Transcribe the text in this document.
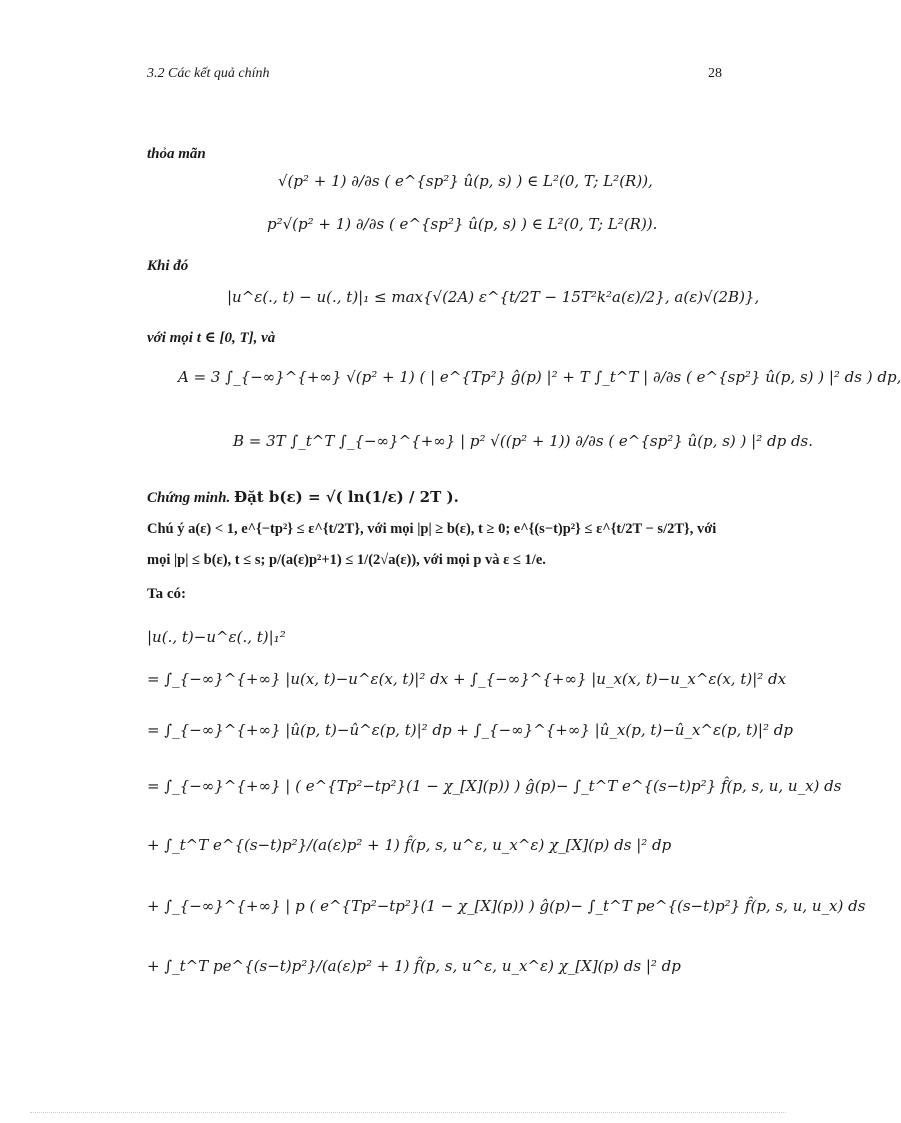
3.2 Các kết quả chính	28
thỏa mãn
√(p² + 1) ∂/∂s ( e^{sp²} û(p, s) ) ∈ L²(0, T; L²(R)),
p²√(p² + 1) ∂/∂s ( e^{sp²} û(p, s) ) ∈ L²(0, T; L²(R)).
Khi đó
|u^ε(., t) − u(., t)|₁ ≤ max{√(2A) ε^{t/2T − 15T²k²a(ε)/2}, a(ε)√(2B)},
với mọi t ∈ [0, T], và
A = 3 ∫_{−∞}^{+∞} √(p² + 1) ( | e^{Tp²} ĝ(p) |² + T ∫_t^T | ∂/∂s ( e^{sp²} û(p, s) ) |² ds ) dp,
B = 3T ∫_t^T ∫_{−∞}^{+∞} | p² √((p² + 1)) ∂/∂s ( e^{sp²} û(p, s) ) |² dp ds.
Chứng minh. Đặt b(ε) = √( ln(1/ε) / 2T ).
Chú ý a(ε) < 1, e^{−tp²} ≤ ε^{t/2T}, với mọi |p| ≥ b(ε), t ≥ 0; e^{(s−t)p²} ≤ ε^{t/2T − s/2T}, với
mọi |p| ≤ b(ε), t ≤ s; p/(a(ε)p²+1) ≤ 1/(2√a(ε)), với mọi p và ε ≤ 1/e.
Ta có:
|u(., t)−u^ε(., t)|₁²
= ∫_{−∞}^{+∞} |u(x, t)−u^ε(x, t)|² dx + ∫_{−∞}^{+∞} |u_x(x, t)−u_x^ε(x, t)|² dx
= ∫_{−∞}^{+∞} |û(p, t)−û^ε(p, t)|² dp + ∫_{−∞}^{+∞} |û_x(p, t)−û_x^ε(p, t)|² dp
= ∫_{−∞}^{+∞} | ( e^{Tp²−tp²}(1 − χ_[X](p)) ) ĝ(p)− ∫_t^T e^{(s−t)p²} f̂(p, s, u, u_x) ds
+ ∫_t^T e^{(s−t)p²}/(a(ε)p² + 1) f̂(p, s, u^ε, u_x^ε) χ_[X](p) ds |² dp
+ ∫_{−∞}^{+∞} | p ( e^{Tp²−tp²}(1 − χ_[X](p)) ) ĝ(p)− ∫_t^T pe^{(s−t)p²} f̂(p, s, u, u_x) ds
+ ∫_t^T pe^{(s−t)p²}/(a(ε)p² + 1) f̂(p, s, u^ε, u_x^ε) χ_[X](p) ds |² dp
